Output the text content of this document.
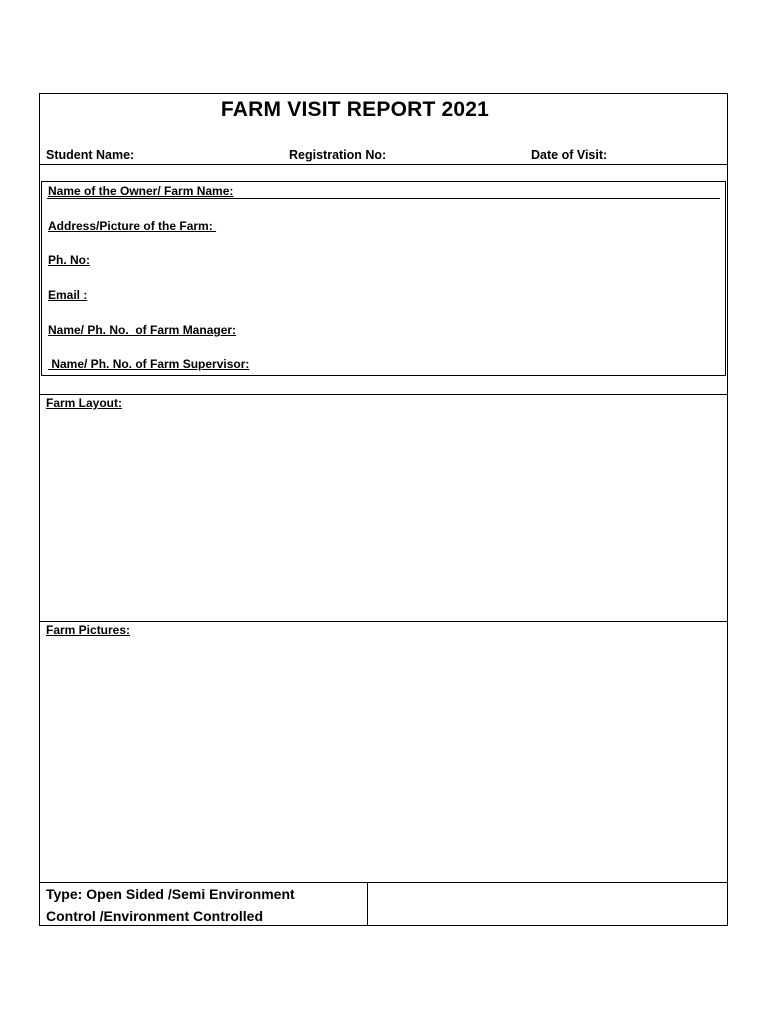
FARM VISIT REPORT 2021
Student Name:	Registration No:	Date of Visit:
Name of the Owner/ Farm Name:
Address/Picture of the Farm:
Ph. No:
Email :
Name/ Ph. No.  of Farm Manager:
Name/ Ph. No. of Farm Supervisor:
Farm Layout:
Farm Pictures:
Type: Open Sided /Semi Environment
Control /Environment Controlled
